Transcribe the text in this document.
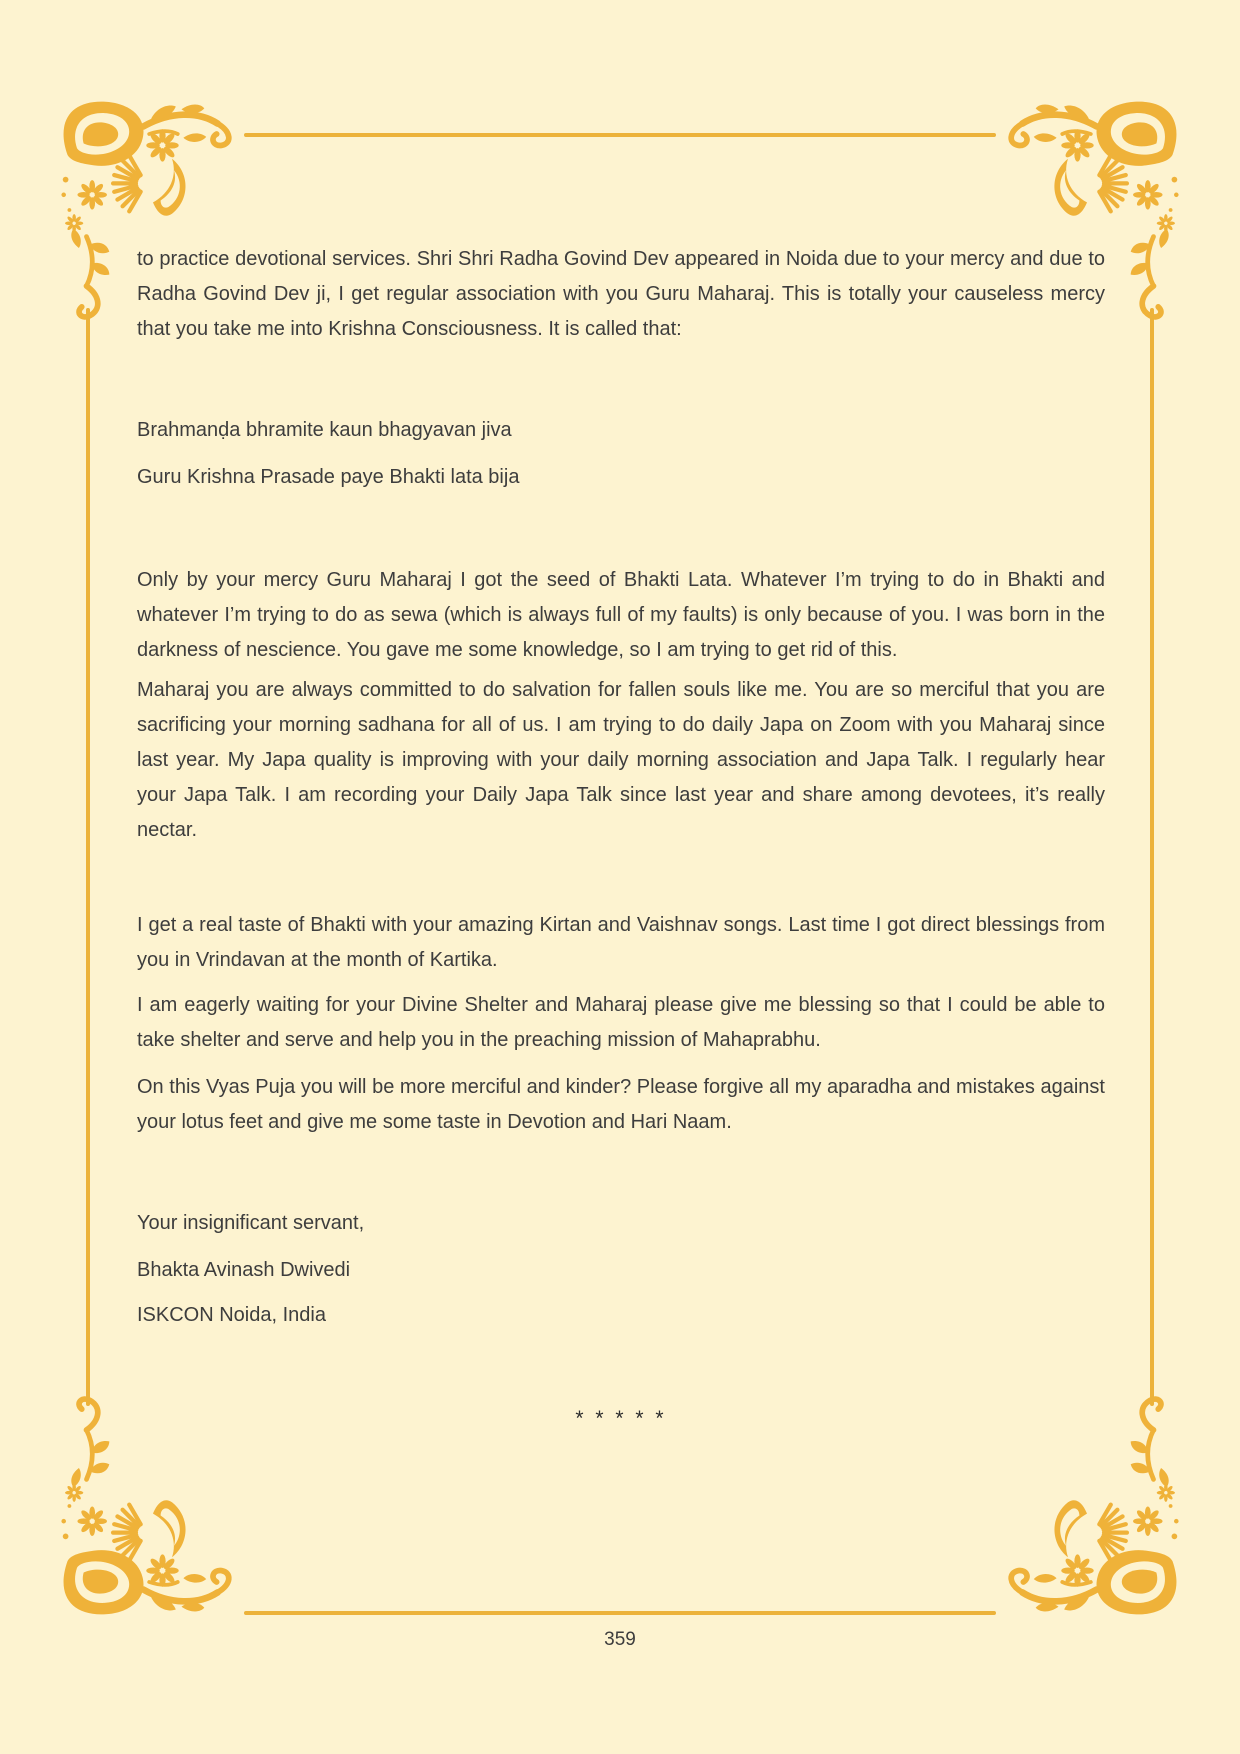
to practice devotional services. Shri Shri Radha Govind Dev appeared in Noida due to your mercy and due to Radha Govind Dev ji, I get regular association with you Guru Maharaj. This is totally your causeless mercy that you take me into Krishna Consciousness. It is called that:

Brahmanḍa bhramite kaun bhagyavan jiva

Guru Krishna Prasade paye Bhakti lata bija

Only by your mercy Guru Maharaj I got the seed of Bhakti Lata. Whatever I’m trying to do in Bhakti and whatever I’m trying to do as sewa (which is always full of my faults) is only because of you. I was born in the darkness of nescience. You gave me some knowledge, so I am trying to get rid of this.

Maharaj you are always committed to do salvation for fallen souls like me. You are so merciful that you are sacrificing your morning sadhana for all of us. I am trying to do daily Japa on Zoom with you Maharaj since last year. My Japa quality is improving with your daily morning association and Japa Talk. I regularly hear your Japa Talk. I am recording your Daily Japa Talk since last year and share among devotees, it’s really nectar.

I get a real taste of Bhakti with your amazing Kirtan and Vaishnav songs. Last time I got direct blessings from you in Vrindavan at the month of Kartika.

I am eagerly waiting for your Divine Shelter and Maharaj please give me blessing so that I could be able to take shelter and serve and help you in the preaching mission of Mahaprabhu.

On this Vyas Puja you will be more merciful and kinder? Please forgive all my aparadha and mistakes against your lotus feet and give me some taste in Devotion and Hari Naam.

Your insignificant servant,

Bhakta Avinash Dwivedi

ISKCON Noida, India

* * * * *
359
